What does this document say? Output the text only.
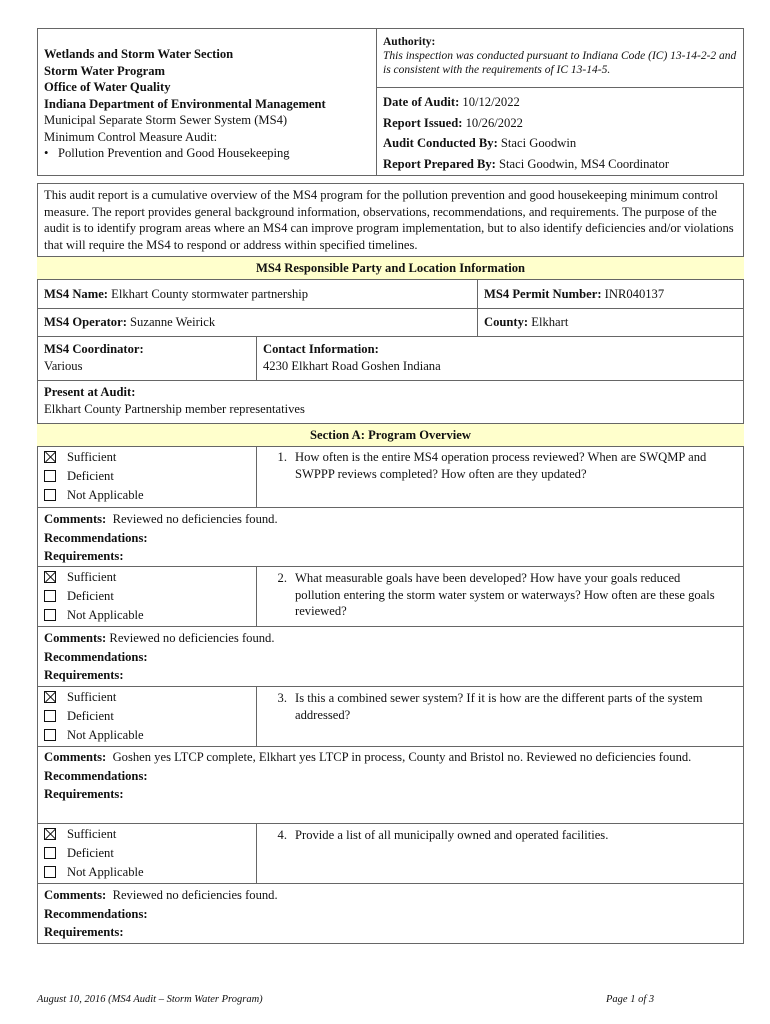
Wetlands and Storm Water Section
Storm Water Program
Office of Water Quality
Indiana Department of Environmental Management
Municipal Separate Storm Sewer System (MS4)
Minimum Control Measure Audit:
• Pollution Prevention and Good Housekeeping
Authority:
This inspection was conducted pursuant to Indiana Code (IC) 13-14-2-2 and is consistent with the requirements of IC 13-14-5.
Date of Audit: 10/12/2022
Report Issued: 10/26/2022
Audit Conducted By: Staci Goodwin
Report Prepared By: Staci Goodwin, MS4 Coordinator
This audit report is a cumulative overview of the MS4 program for the pollution prevention and good housekeeping minimum control measure. The report provides general background information, observations, recommendations, and requirements. The purpose of the audit is to identify program areas where an MS4 can improve program implementation, but to also identify deficiencies and/or violations that will require the MS4 to respond or address within specified timelines.
MS4 Responsible Party and Location Information
MS4 Name: Elkhart County stormwater partnership	MS4 Permit Number: INR040137
MS4 Operator: Suzanne Weirick	County: Elkhart
MS4 Coordinator:
Various
Contact Information:
4230 Elkhart Road Goshen Indiana
Present at Audit:
Elkhart County Partnership member representatives
Section A: Program Overview
Sufficient
Deficient
Not Applicable
1. How often is the entire MS4 operation process reviewed? When are SWQMP and SWPPP reviews completed? How often are they updated?
Comments: Reviewed no deficiencies found.
Recommendations:
Requirements:
Sufficient
Deficient
Not Applicable
2. What measurable goals have been developed? How have your goals reduced pollution entering the storm water system or waterways? How often are these goals reviewed?
Comments: Reviewed no deficiencies found.
Recommendations:
Requirements:
Sufficient
Deficient
Not Applicable
3. Is this a combined sewer system? If it is how are the different parts of the system addressed?
Comments: Goshen yes LTCP complete, Elkhart yes LTCP in process, County and Bristol no. Reviewed no deficiencies found.
Recommendations:
Requirements:
Sufficient
Deficient
Not Applicable
4. Provide a list of all municipally owned and operated facilities.
Comments: Reviewed no deficiencies found.
Recommendations:
Requirements:
August 10, 2016 (MS4 Audit – Storm Water Program)	Page 1 of 3
